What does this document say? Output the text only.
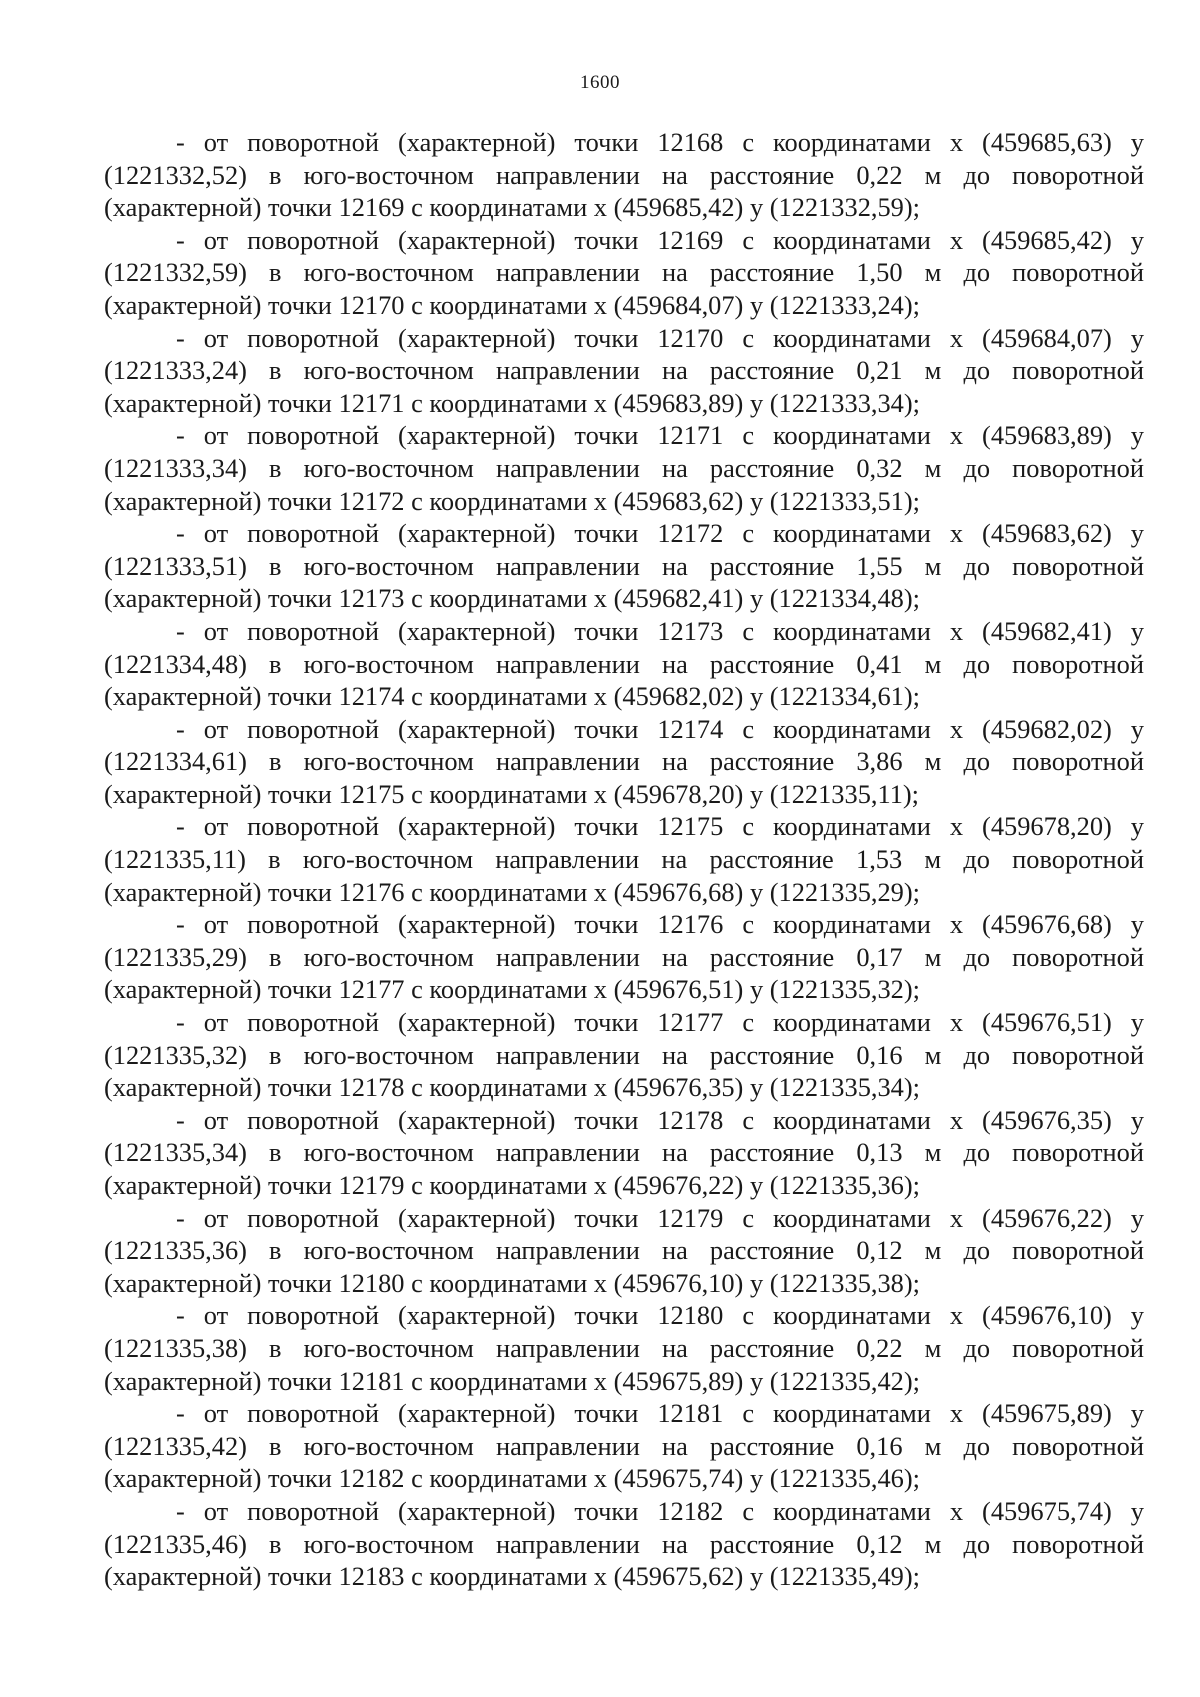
1600

- от поворотной (характерной) точки 12168 с координатами х (459685,63) у (1221332,52) в юго-восточном направлении на расстояние 0,22 м до поворотной (характерной) точки 12169 с координатами х (459685,42) у (1221332,59);

- от поворотной (характерной) точки 12169 с координатами х (459685,42) у (1221332,59) в юго-восточном направлении на расстояние 1,50 м до поворотной (характерной) точки 12170 с координатами х (459684,07) у (1221333,24);

- от поворотной (характерной) точки 12170 с координатами х (459684,07) у (1221333,24) в юго-восточном направлении на расстояние 0,21 м до поворотной (характерной) точки 12171 с координатами х (459683,89) у (1221333,34);

- от поворотной (характерной) точки 12171 с координатами х (459683,89) у (1221333,34) в юго-восточном направлении на расстояние 0,32 м до поворотной (характерной) точки 12172 с координатами х (459683,62) у (1221333,51);

- от поворотной (характерной) точки 12172 с координатами х (459683,62) у (1221333,51) в юго-восточном направлении на расстояние 1,55 м до поворотной (характерной) точки 12173 с координатами х (459682,41) у (1221334,48);

- от поворотной (характерной) точки 12173 с координатами х (459682,41) у (1221334,48) в юго-восточном направлении на расстояние 0,41 м до поворотной (характерной) точки 12174 с координатами х (459682,02) у (1221334,61);

- от поворотной (характерной) точки 12174 с координатами х (459682,02) у (1221334,61) в юго-восточном направлении на расстояние 3,86 м до поворотной (характерной) точки 12175 с координатами х (459678,20) у (1221335,11);

- от поворотной (характерной) точки 12175 с координатами х (459678,20) у (1221335,11) в юго-восточном направлении на расстояние 1,53 м до поворотной (характерной) точки 12176 с координатами х (459676,68) у (1221335,29);

- от поворотной (характерной) точки 12176 с координатами х (459676,68) у (1221335,29) в юго-восточном направлении на расстояние 0,17 м до поворотной (характерной) точки 12177 с координатами х (459676,51) у (1221335,32);

- от поворотной (характерной) точки 12177 с координатами х (459676,51) у (1221335,32) в юго-восточном направлении на расстояние 0,16 м до поворотной (характерной) точки 12178 с координатами х (459676,35) у (1221335,34);

- от поворотной (характерной) точки 12178 с координатами х (459676,35) у (1221335,34) в юго-восточном направлении на расстояние 0,13 м до поворотной (характерной) точки 12179 с координатами х (459676,22) у (1221335,36);

- от поворотной (характерной) точки 12179 с координатами х (459676,22) у (1221335,36) в юго-восточном направлении на расстояние 0,12 м до поворотной (характерной) точки 12180 с координатами х (459676,10) у (1221335,38);

- от поворотной (характерной) точки 12180 с координатами х (459676,10) у (1221335,38) в юго-восточном направлении на расстояние 0,22 м до поворотной (характерной) точки 12181 с координатами х (459675,89) у (1221335,42);

- от поворотной (характерной) точки 12181 с координатами х (459675,89) у (1221335,42) в юго-восточном направлении на расстояние 0,16 м до поворотной (характерной) точки 12182 с координатами х (459675,74) у (1221335,46);

- от поворотной (характерной) точки 12182 с координатами х (459675,74) у (1221335,46) в юго-восточном направлении на расстояние 0,12 м до поворотной (характерной) точки 12183 с координатами х (459675,62) у (1221335,49);
